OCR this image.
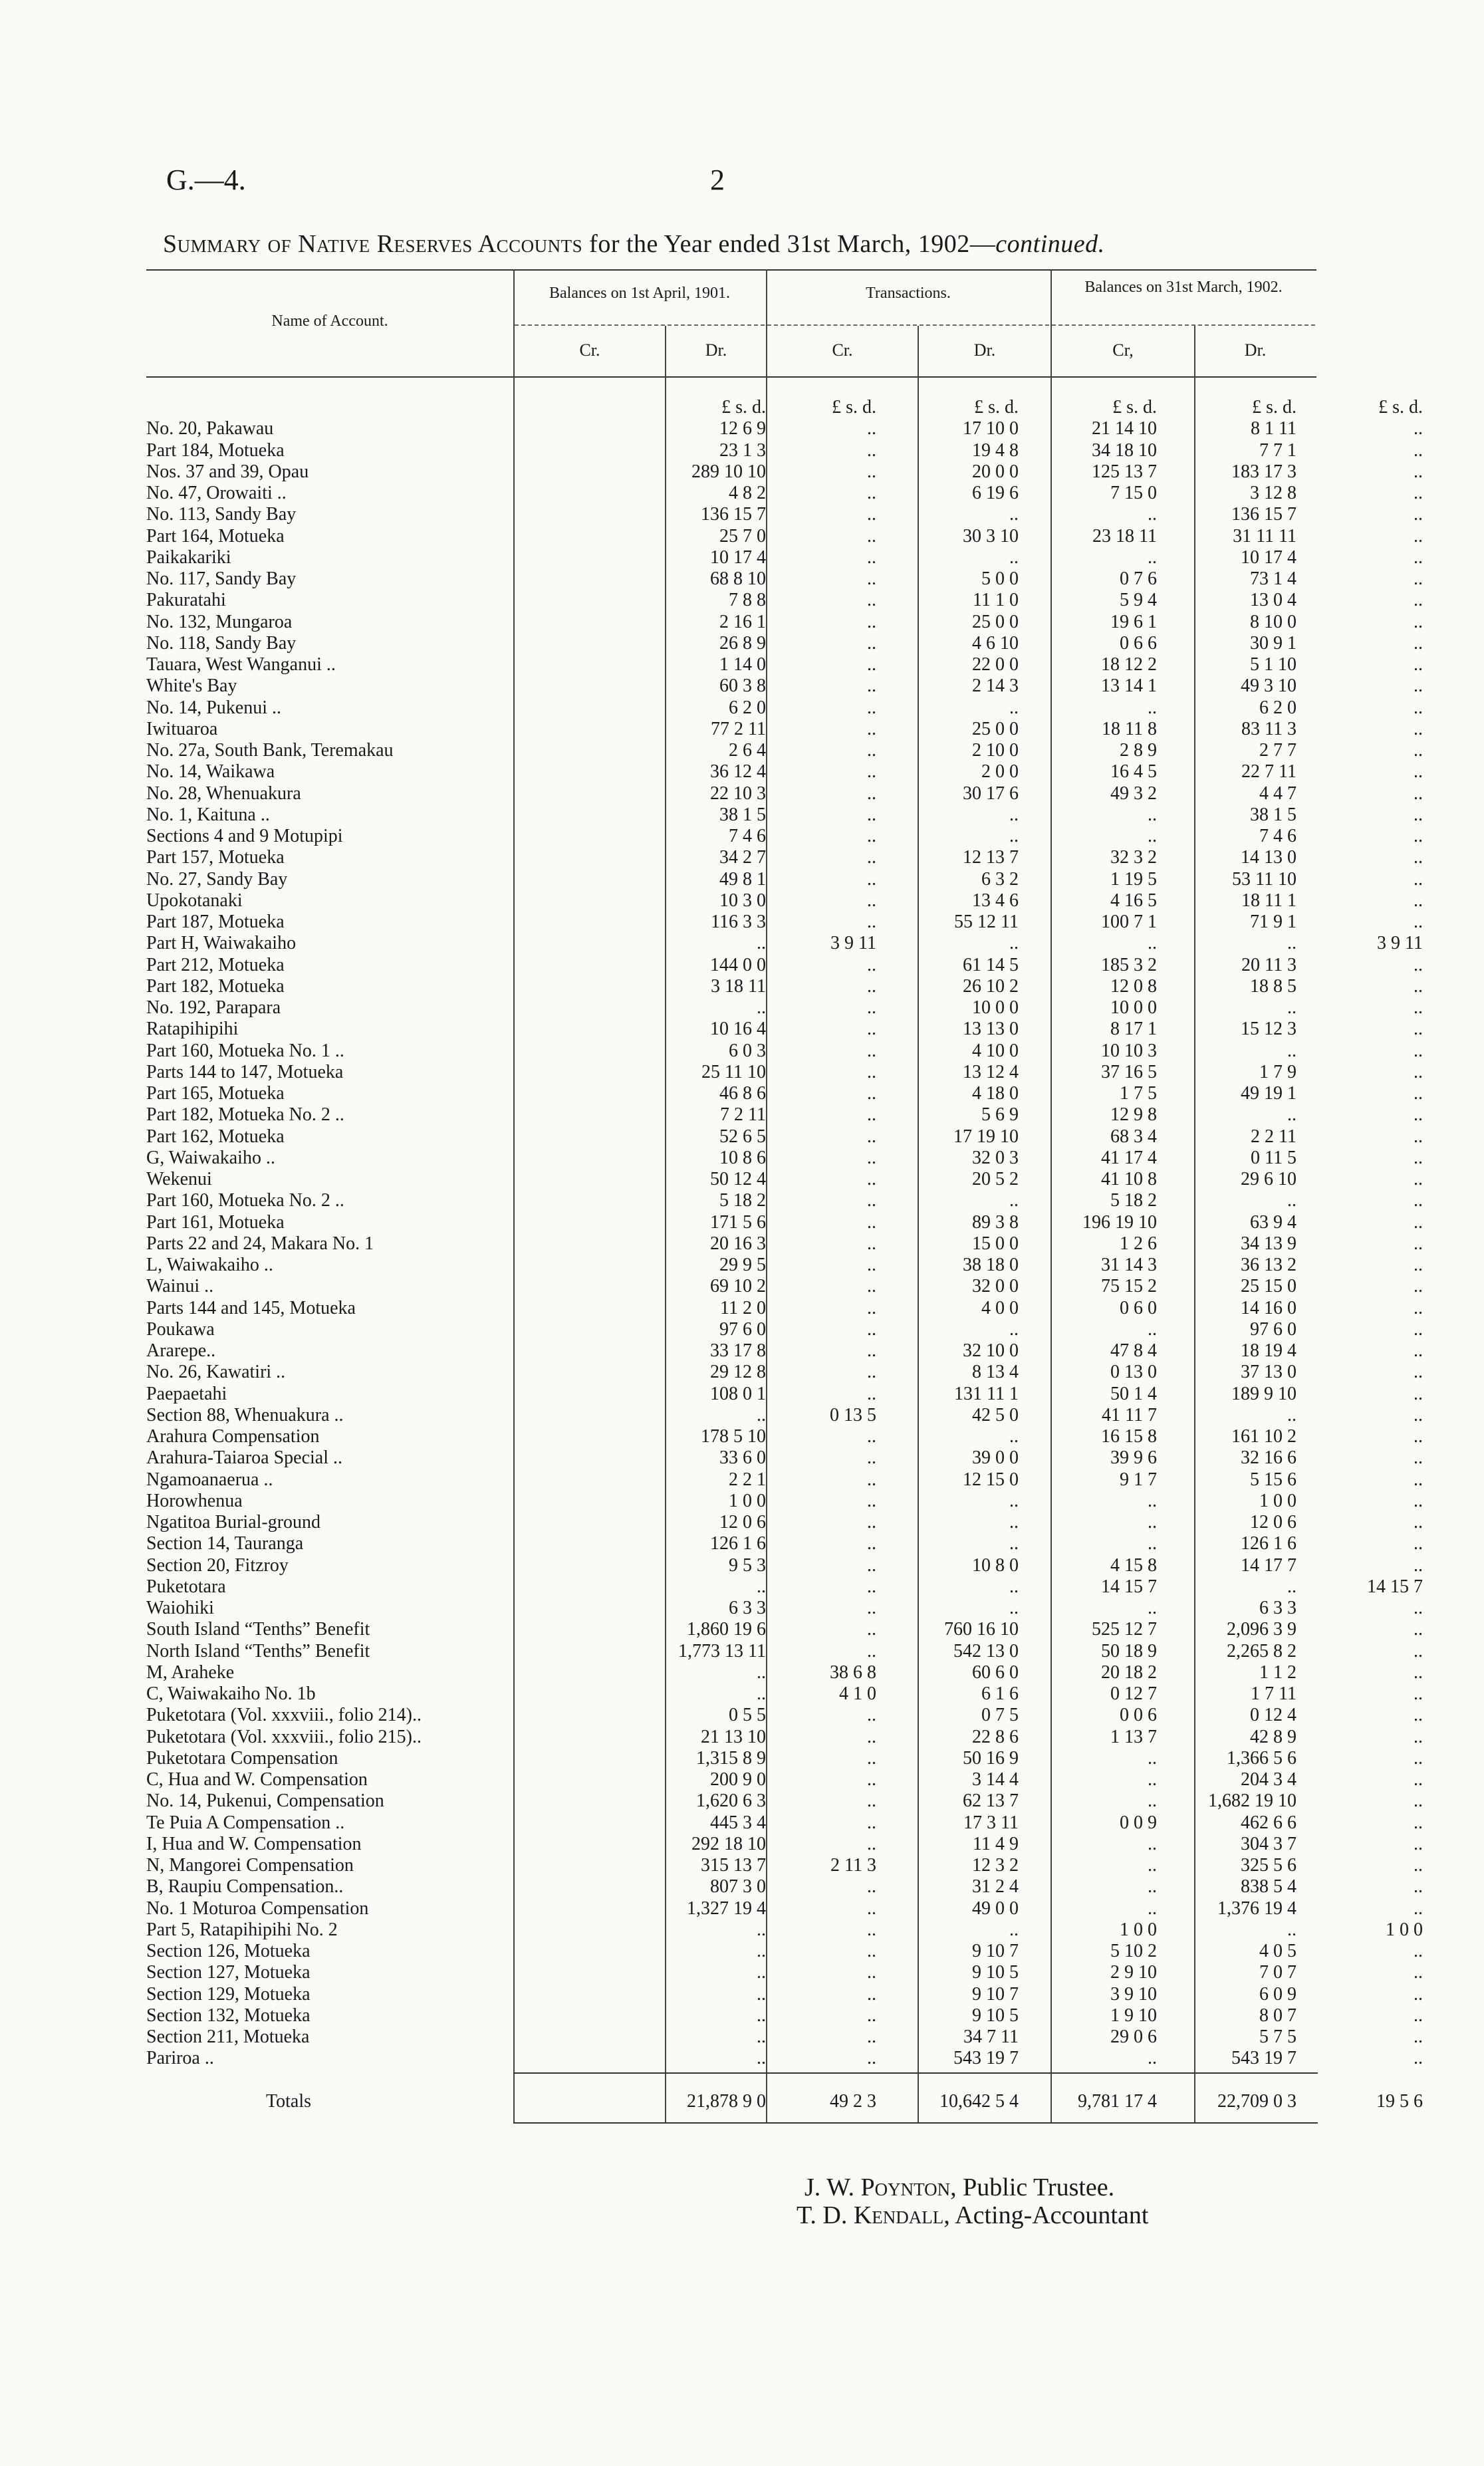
G.—4.	2
Summary of Native Reserves Accounts for the Year ended 31st March, 1902—continued.
Name of Account.
Balances on 1st April, 1901.	Transactions.	Balances on 31st March, 1902.
Cr.	Dr.	Cr.	Dr.	Cr,	Dr.
	£ s. d.	£ s. d.	£ s. d.	£ s. d.	£ s. d.	£ s. d.
No. 20, Pakawau	12 6 9	..	17 10 0	21 14 10	8 1 11	..
Part 184, Motueka	23 1 3	..	19 4 8	34 18 10	7 7 1	..
Nos. 37 and 39, Opau	289 10 10	..	20 0 0	125 13 7	183 17 3	..
No. 47, Orowaiti ..	4 8 2	..	6 19 6	7 15 0	3 12 8	..
No. 113, Sandy Bay	136 15 7	..	..	..	136 15 7	..
Part 164, Motueka	25 7 0	..	30 3 10	23 18 11	31 11 11	..
Paikakariki	10 17 4	..	..	..	10 17 4	..
No. 117, Sandy Bay	68 8 10	..	5 0 0	0 7 6	73 1 4	..
Pakuratahi	7 8 8	..	11 1 0	5 9 4	13 0 4	..
No. 132, Mungaroa	2 16 1	..	25 0 0	19 6 1	8 10 0	..
No. 118, Sandy Bay	26 8 9	..	4 6 10	0 6 6	30 9 1	..
Tauara, West Wanganui ..	1 14 0	..	22 0 0	18 12 2	5 1 10	..
White's Bay	60 3 8	..	2 14 3	13 14 1	49 3 10	..
No. 14, Pukenui ..	6 2 0	..	..	..	6 2 0	..
Iwituaroa	77 2 11	..	25 0 0	18 11 8	83 11 3	..
No. 27a, South Bank, Teremakau	2 6 4	..	2 10 0	2 8 9	2 7 7	..
No. 14, Waikawa	36 12 4	..	2 0 0	16 4 5	22 7 11	..
No. 28, Whenuakura	22 10 3	..	30 17 6	49 3 2	4 4 7	..
No. 1, Kaituna ..	38 1 5	..	..	..	38 1 5	..
Sections 4 and 9 Motupipi	7 4 6	..	..	..	7 4 6	..
Part 157, Motueka	34 2 7	..	12 13 7	32 3 2	14 13 0	..
No. 27, Sandy Bay	49 8 1	..	6 3 2	1 19 5	53 11 10	..
Upokotanaki	10 3 0	..	13 4 6	4 16 5	18 11 1	..
Part 187, Motueka	116 3 3	..	55 12 11	100 7 1	71 9 1	..
Part H, Waiwakaiho	..	3 9 11	..	..	..	3 9 11
Part 212, Motueka	144 0 0	..	61 14 5	185 3 2	20 11 3	..
Part 182, Motueka	3 18 11	..	26 10 2	12 0 8	18 8 5	..
No. 192, Parapara	..	..	10 0 0	10 0 0	..	..
Ratapihipihi	10 16 4	..	13 13 0	8 17 1	15 12 3	..
Part 160, Motueka No. 1 ..	6 0 3	..	4 10 0	10 10 3	..	..
Parts 144 to 147, Motueka	25 11 10	..	13 12 4	37 16 5	1 7 9	..
Part 165, Motueka	46 8 6	..	4 18 0	1 7 5	49 19 1	..
Part 182, Motueka No. 2 ..	7 2 11	..	5 6 9	12 9 8	..	..
Part 162, Motueka	52 6 5	..	17 19 10	68 3 4	2 2 11	..
G, Waiwakaiho ..	10 8 6	..	32 0 3	41 17 4	0 11 5	..
Wekenui	50 12 4	..	20 5 2	41 10 8	29 6 10	..
Part 160, Motueka No. 2 ..	5 18 2	..	..	5 18 2	..	..
Part 161, Motueka	171 5 6	..	89 3 8	196 19 10	63 9 4	..
Parts 22 and 24, Makara No. 1	20 16 3	..	15 0 0	1 2 6	34 13 9	..
L, Waiwakaiho ..	29 9 5	..	38 18 0	31 14 3	36 13 2	..
Wainui ..	69 10 2	..	32 0 0	75 15 2	25 15 0	..
Parts 144 and 145, Motueka	11 2 0	..	4 0 0	0 6 0	14 16 0	..
Poukawa	97 6 0	..	..	..	97 6 0	..
Ararepe..	33 17 8	..	32 10 0	47 8 4	18 19 4	..
No. 26, Kawatiri ..	29 12 8	..	8 13 4	0 13 0	37 13 0	..
Paepaetahi	108 0 1	..	131 11 1	50 1 4	189 9 10	..
Section 88, Whenuakura ..	..	0 13 5	42 5 0	41 11 7	..	..
Arahura Compensation	178 5 10	..	..	16 15 8	161 10 2	..
Arahura-Taiaroa Special ..	33 6 0	..	39 0 0	39 9 6	32 16 6	..
Ngamoanaerua ..	2 2 1	..	12 15 0	9 1 7	5 15 6	..
Horowhenua	1 0 0	..	..	..	1 0 0	..
Ngatitoa Burial-ground	12 0 6	..	..	..	12 0 6	..
Section 14, Tauranga	126 1 6	..	..	..	126 1 6	..
Section 20, Fitzroy	9 5 3	..	10 8 0	4 15 8	14 17 7	..
Puketotara	..	..	..	14 15 7	..	14 15 7
Waiohiki	6 3 3	..	..	..	6 3 3	..
South Island “Tenths” Benefit	1,860 19 6	..	760 16 10	525 12 7	2,096 3 9	..
North Island “Tenths” Benefit	1,773 13 11	..	542 13 0	50 18 9	2,265 8 2	..
M, Araheke	..	38 6 8	60 6 0	20 18 2	1 1 2	..
C, Waiwakaiho No. 1b	..	4 1 0	6 1 6	0 12 7	1 7 11	..
Puketotara (Vol. xxxviii., folio 214)..	0 5 5	..	0 7 5	0 0 6	0 12 4	..
Puketotara (Vol. xxxviii., folio 215)..	21 13 10	..	22 8 6	1 13 7	42 8 9	..
Puketotara Compensation	1,315 8 9	..	50 16 9	..	1,366 5 6	..
C, Hua and W. Compensation	200 9 0	..	3 14 4	..	204 3 4	..
No. 14, Pukenui, Compensation	1,620 6 3	..	62 13 7	..	1,682 19 10	..
Te Puia A Compensation ..	445 3 4	..	17 3 11	0 0 9	462 6 6	..
I, Hua and W. Compensation	292 18 10	..	11 4 9	..	304 3 7	..
N, Mangorei Compensation	315 13 7	2 11 3	12 3 2	..	325 5 6	..
B, Raupiu Compensation..	807 3 0	..	31 2 4	..	838 5 4	..
No. 1 Moturoa Compensation	1,327 19 4	..	49 0 0	..	1,376 19 4	..
Part 5, Ratapihipihi No. 2	..	..	..	1 0 0	..	1 0 0
Section 126, Motueka	..	..	9 10 7	5 10 2	4 0 5	..
Section 127, Motueka	..	..	9 10 5	2 9 10	7 0 7	..
Section 129, Motueka	..	..	9 10 7	3 9 10	6 0 9	..
Section 132, Motueka	..	..	9 10 5	1 9 10	8 0 7	..
Section 211, Motueka	..	..	34 7 11	29 0 6	5 7 5	..
Pariroa ..	..	..	543 19 7	..	543 19 7	..

Totals	21,878 9 0	49 2 3	10,642 5 4	9,781 17 4	22,709 0 3	19 5 6
J. W. Poynton, Public Trustee.
T. D. Kendall, Acting-Accountant
